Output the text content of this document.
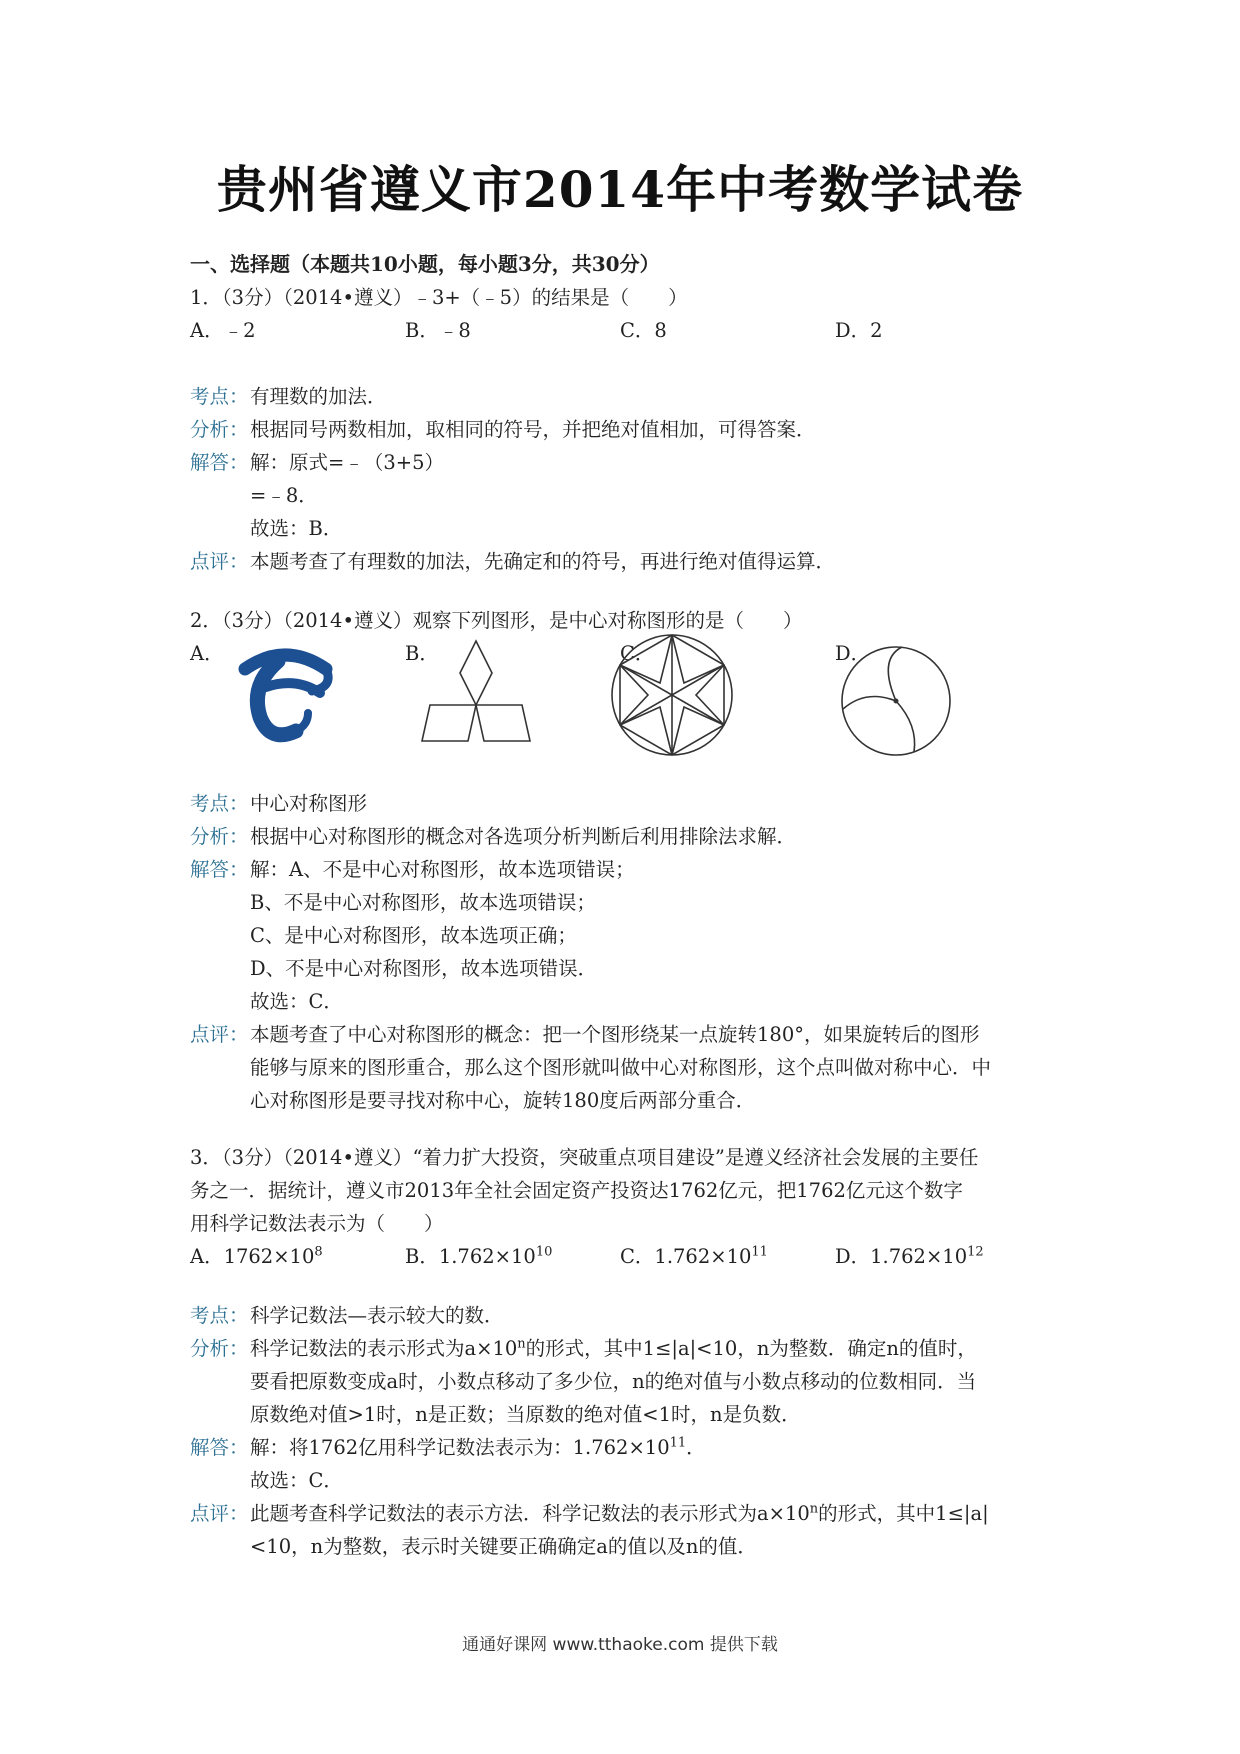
贵州省遵义市2014年中考数学试卷
一、选择题（本题共10小题，每小题3分，共30分）
1．（3分）（2014•遵义）﹣3+（﹣5）的结果是（　　）
A．﹣2	B．﹣8	C．8	D．2
考点：有理数的加法．
分析：根据同号两数相加，取相同的符号，并把绝对值相加，可得答案．
解答：解：原式=﹣（3+5）
=﹣8．
故选：B．
点评：本题考查了有理数的加法，先确定和的符号，再进行绝对值得运算．
2．（3分）（2014•遵义）观察下列图形，是中心对称图形的是（　　）
A．	B．	C．	D．
考点：中心对称图形
分析：根据中心对称图形的概念对各选项分析判断后利用排除法求解．
解答：解：A、不是中心对称图形，故本选项错误；
B、不是中心对称图形，故本选项错误；
C、是中心对称图形，故本选项正确；
D、不是中心对称图形，故本选项错误．
故选：C．
点评：本题考查了中心对称图形的概念：把一个图形绕某一点旋转180°，如果旋转后的图形
能够与原来的图形重合，那么这个图形就叫做中心对称图形，这个点叫做对称中心．中
心对称图形是要寻找对称中心，旋转180度后两部分重合．
3．（3分）（2014•遵义）“着力扩大投资，突破重点项目建设”是遵义经济社会发展的主要任
务之一．据统计，遵义市2013年全社会固定资产投资达1762亿元，把1762亿元这个数字
用科学记数法表示为（　　）
A．$1762\times 10^8$	B．$1.762\times 10^{10}$	C．$1.762\times 10^{11}$	D．$1.762\times 10^{12}$
考点：科学记数法—表示较大的数．
分析：科学记数法的表示形式为$a\times 10^n$的形式，其中1≤|a|<10，n为整数．确定n的值时，
要看把原数变成a时，小数点移动了多少位，n的绝对值与小数点移动的位数相同．当
原数绝对值>1时，n是正数；当原数的绝对值<1时，n是负数．
解答：解：将1762亿用科学记数法表示为：$1.762\times 10^{11}$．
故选：C．
点评：此题考查科学记数法的表示方法．科学记数法的表示形式为$a\times 10^n$的形式，其中1≤|a|
<10，n为整数，表示时关键要正确确定a的值以及n的值．
通通好课网 www.tthaoke.com 提供下载
